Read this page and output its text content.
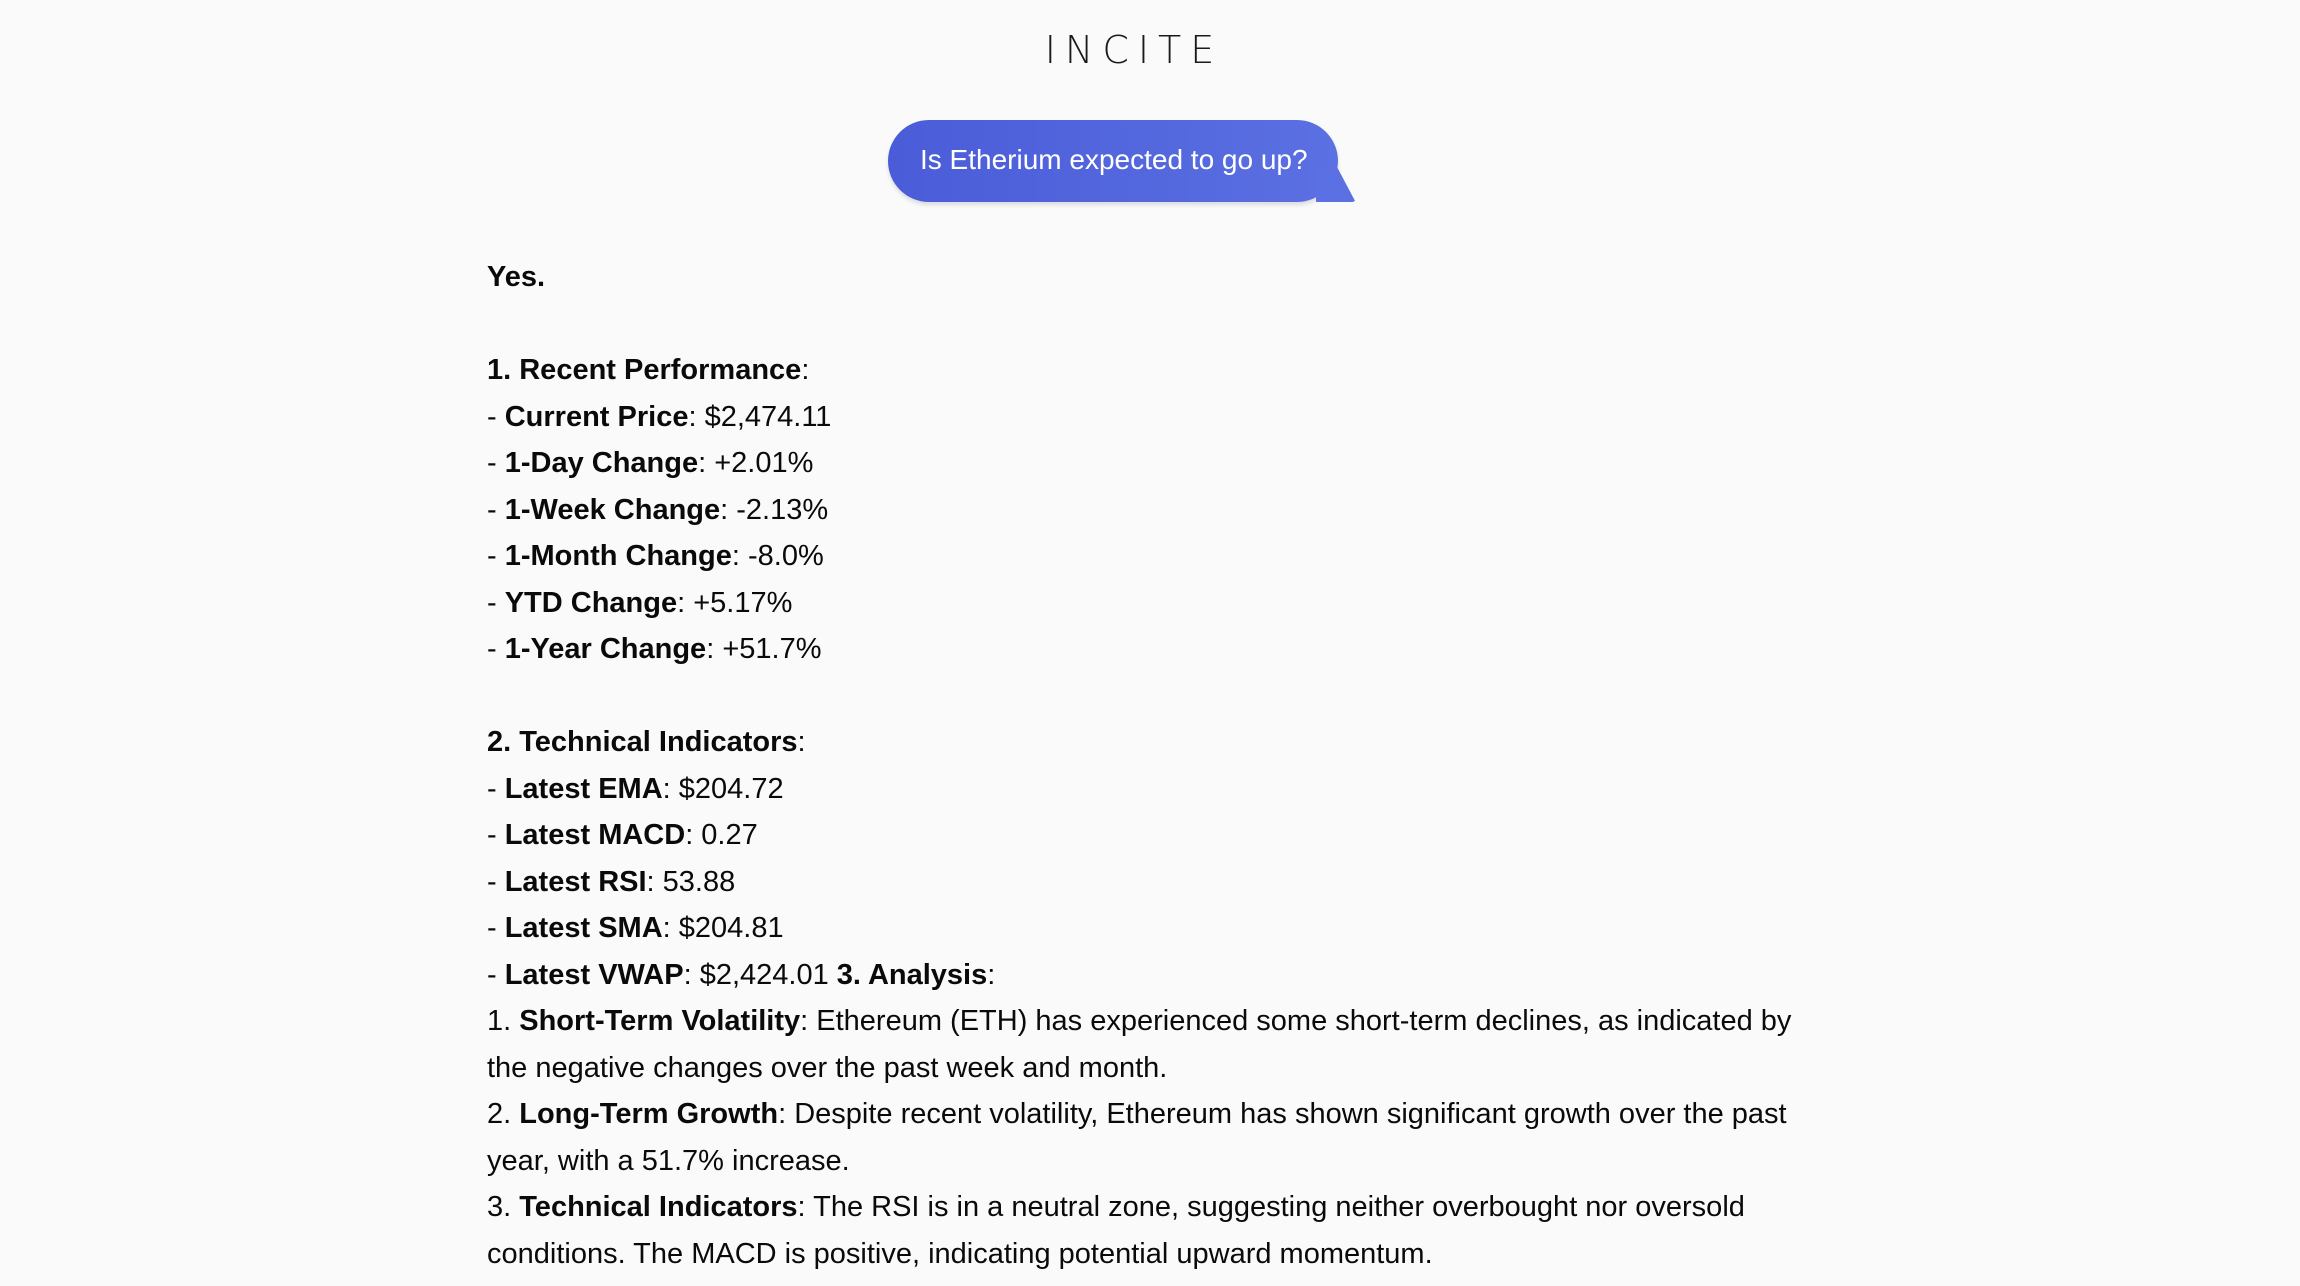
INCITE
Is Etherium expected to go up?
Yes.
1. Recent Performance:
- Current Price: $2,474.11
- 1-Day Change: +2.01%
- 1-Week Change: -2.13%
- 1-Month Change: -8.0%
- YTD Change: +5.17%
- 1-Year Change: +51.7%
2. Technical Indicators:
- Latest EMA: $204.72
- Latest MACD: 0.27
- Latest RSI: 53.88
- Latest SMA: $204.81
- Latest VWAP: $2,424.01 3. Analysis:
1. Short-Term Volatility: Ethereum (ETH) has experienced some short-term declines, as indicated by the negative changes over the past week and month.
2. Long-Term Growth: Despite recent volatility, Ethereum has shown significant growth over the past year, with a 51.7% increase.
3. Technical Indicators: The RSI is in a neutral zone, suggesting neither overbought nor oversold conditions. The MACD is positive, indicating potential upward momentum.
